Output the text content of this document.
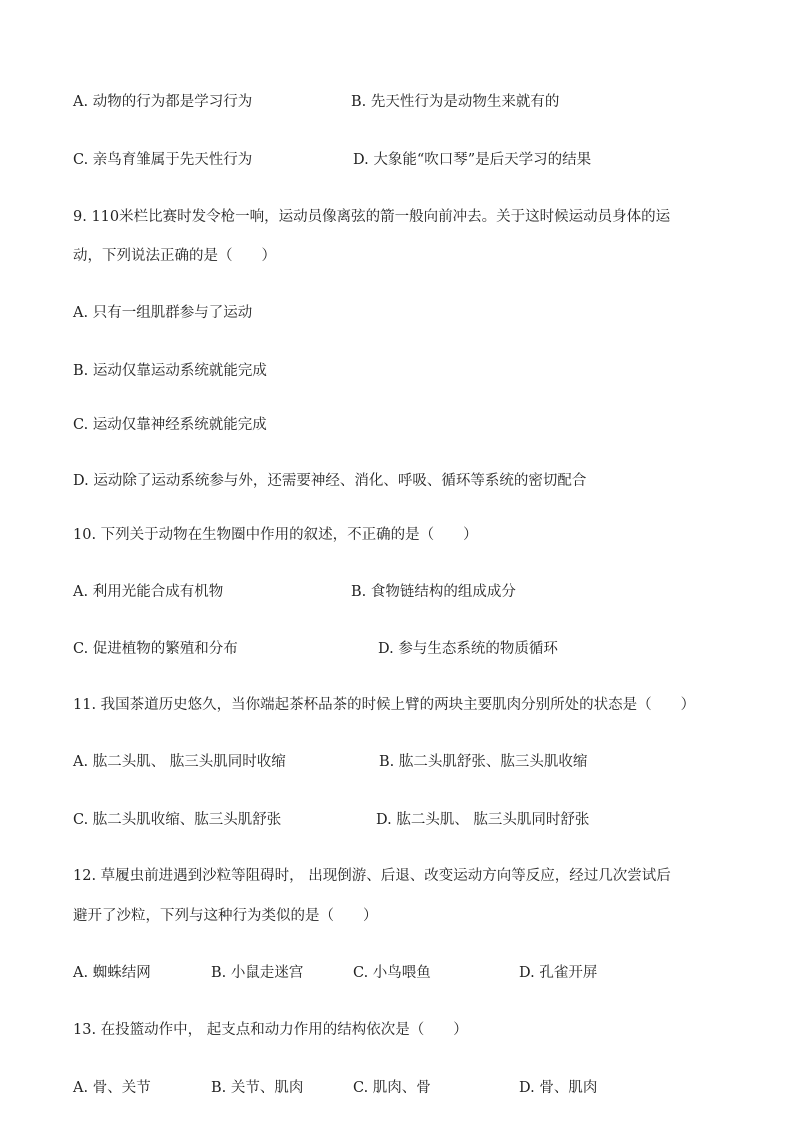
A. 动物的行为都是学习行为	B. 先天性行为是动物生来就有的
C. 亲鸟育雏属于先天性行为	D. 大象能“吹口琴”是后天学习的结果
9. 110米栏比赛时发令枪一响，运动员像离弦的箭一般向前冲去。关于这时候运动员身体的运
动，下列说法正确的是（　　）
A. 只有一组肌群参与了运动
B. 运动仅靠运动系统就能完成
C. 运动仅靠神经系统就能完成
D. 运动除了运动系统参与外，还需要神经、消化、呼吸、循环等系统的密切配合
10. 下列关于动物在生物圈中作用的叙述，不正确的是（　　）
A. 利用光能合成有机物	B. 食物链结构的组成成分
C. 促进植物的繁殖和分布	D. 参与生态系统的物质循环
11. 我国茶道历史悠久，当你端起茶杯品茶的时候上臂的两块主要肌肉分别所处的状态是（　　）
A. 肱二头肌、 肱三头肌同时收缩	B. 肱二头肌舒张、肱三头肌收缩
C. 肱二头肌收缩、肱三头肌舒张	D. 肱二头肌、 肱三头肌同时舒张
12. 草履虫前进遇到沙粒等阻碍时， 出现倒游、后退、改变运动方向等反应，经过几次尝试后
避开了沙粒，下列与这种行为类似的是（　　）
A. 蜘蛛结网	B. 小鼠走迷宫	C. 小鸟喂鱼	D. 孔雀开屏
13. 在投篮动作中， 起支点和动力作用的结构依次是（　　）
A. 骨、关节	B. 关节、肌肉	C. 肌肉、骨	D. 骨、肌肉
